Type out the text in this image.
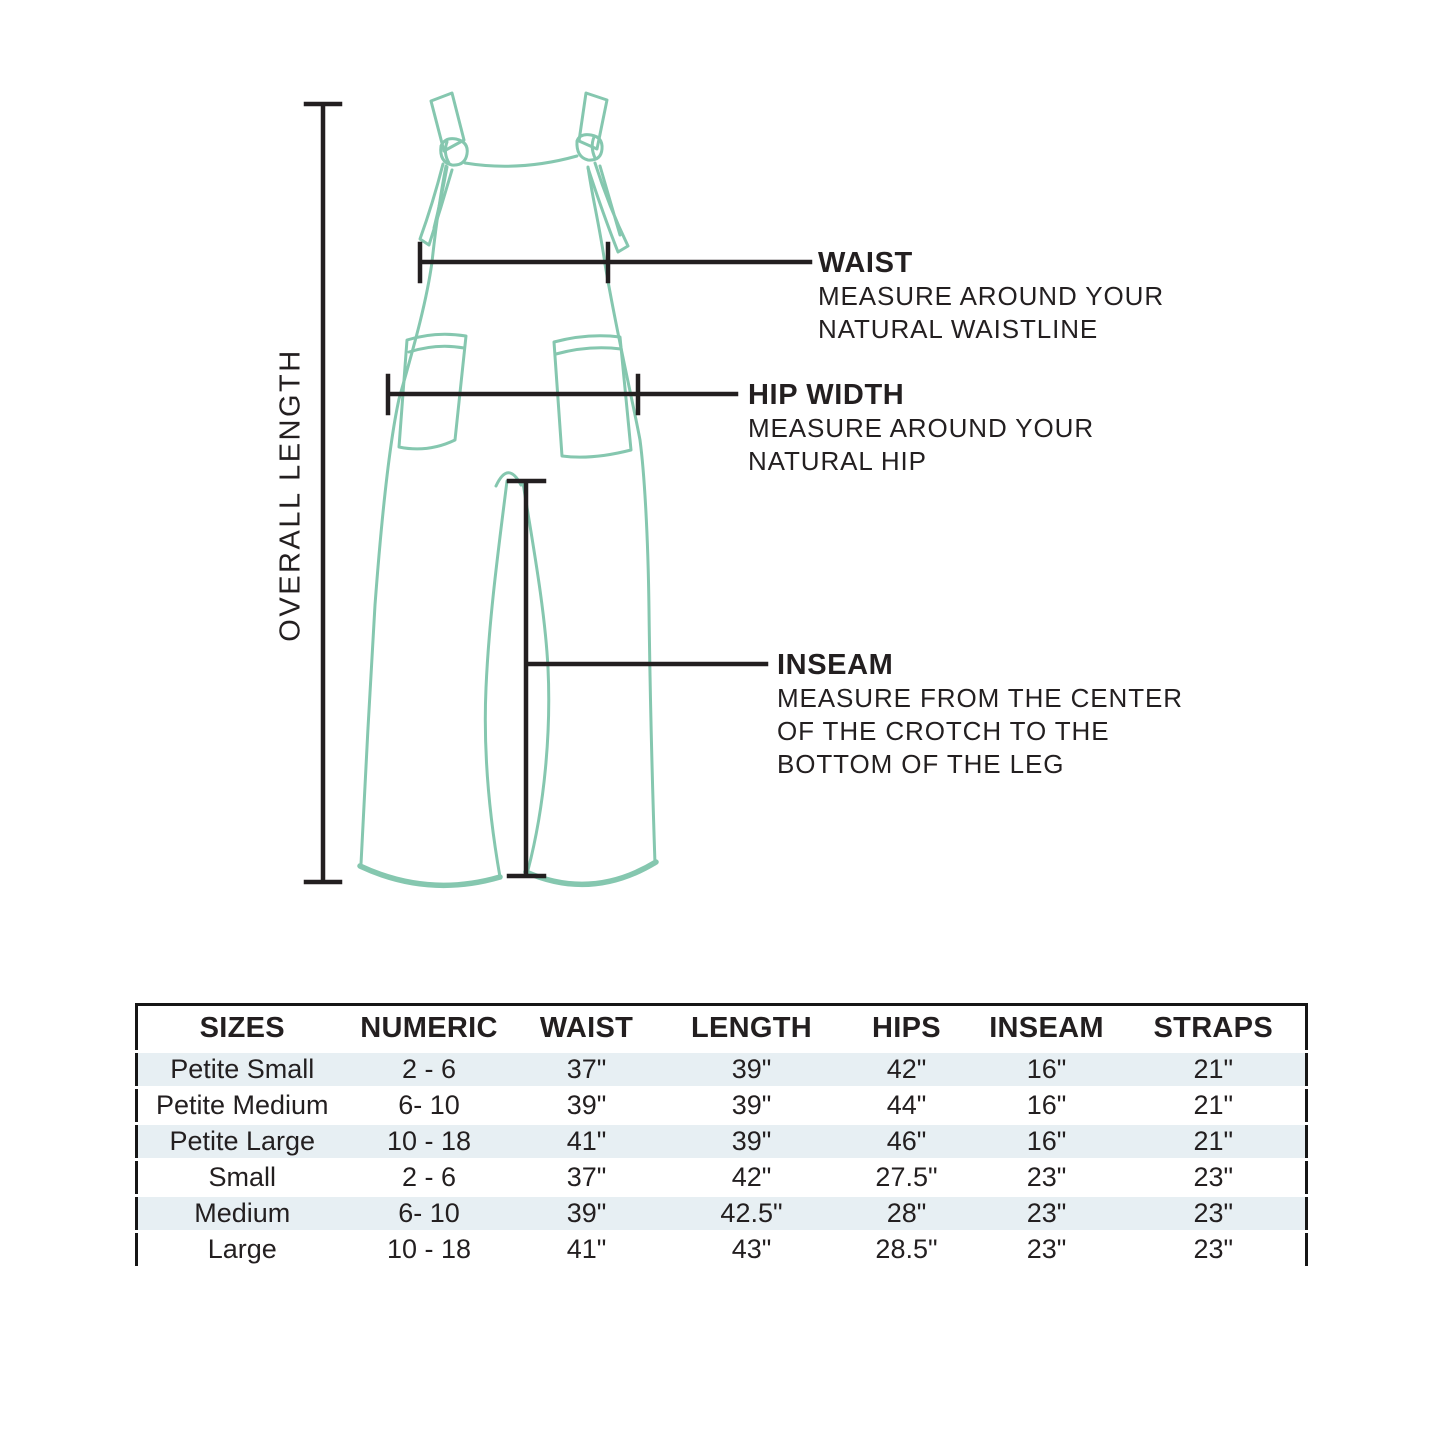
OVERALL LENGTH
WAIST
MEASURE AROUND YOUR
NATURAL WAISTLINE
HIP WIDTH
MEASURE AROUND YOUR
NATURAL HIP
INSEAM
MEASURE FROM THE CENTER
OF THE CROTCH TO THE
BOTTOM OF THE LEG
SIZES	NUMERIC	WAIST	LENGTH	HIPS	INSEAM	STRAPS
Petite Small	2 - 6	37"	39"	42"	16"	21"
Petite Medium	6- 10	39"	39"	44"	16"	21"
Petite Large	10 - 18	41"	39"	46"	16"	21"
Small	2 - 6	37"	42"	27.5"	23"	23"
Medium	6- 10	39"	42.5"	28"	23"	23"
Large	10 - 18	41"	43"	28.5"	23"	23"
